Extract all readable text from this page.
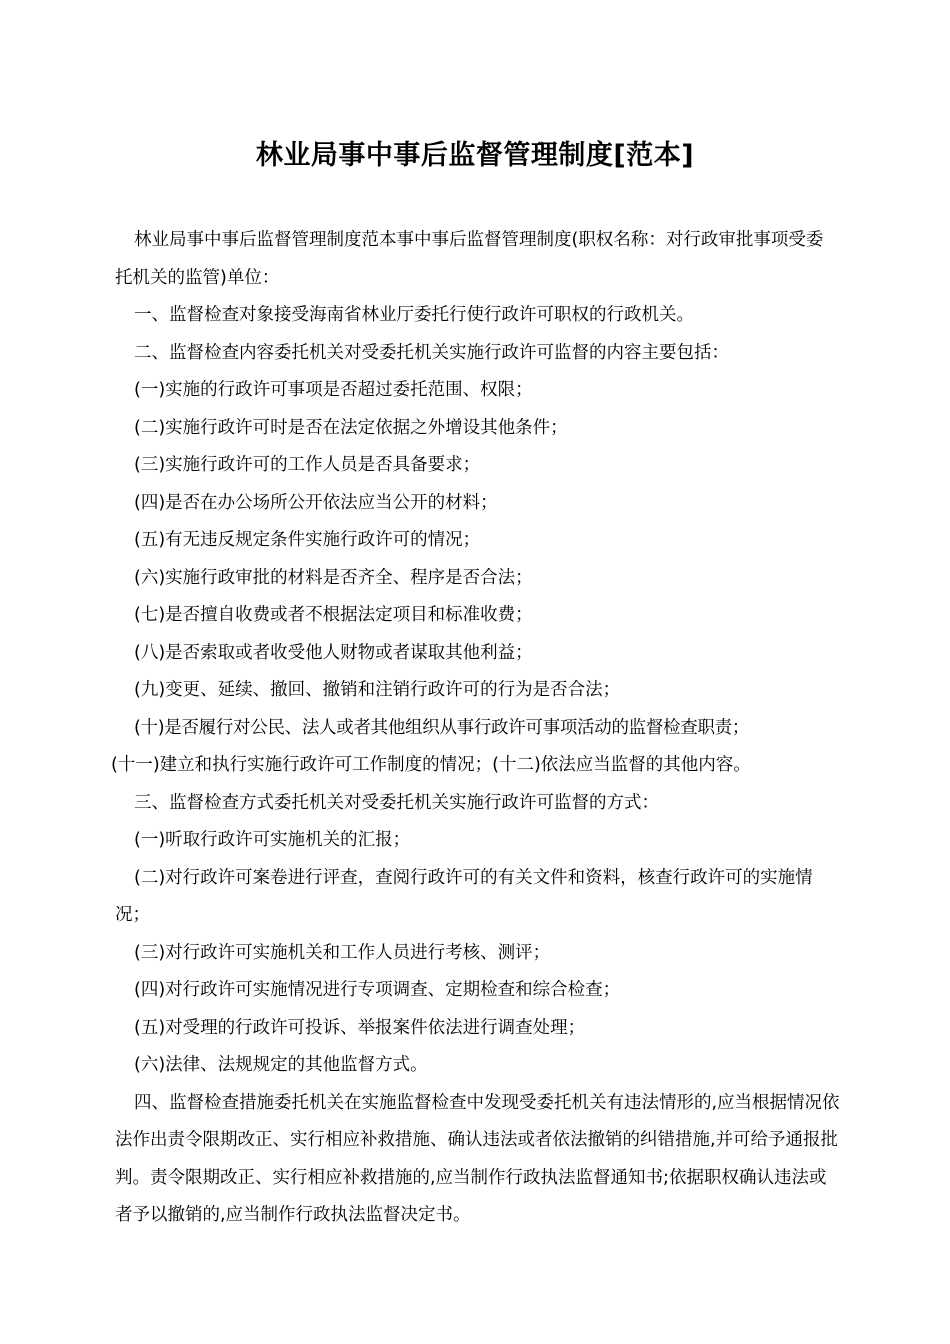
林业局事中事后监督管理制度[范本]

林业局事中事后监督管理制度范本事中事后监督管理制度(职权名称：对行政审批事项受委托机关的监管)单位：

一、监督检查对象接受海南省林业厅委托行使行政许可职权的行政机关。

二、监督检查内容委托机关对受委托机关实施行政许可监督的内容主要包括：

(一)实施的行政许可事项是否超过委托范围、权限；

(二)实施行政许可时是否在法定依据之外增设其他条件；

(三)实施行政许可的工作人员是否具备要求；

(四)是否在办公场所公开依法应当公开的材料；

(五)有无违反规定条件实施行政许可的情况；

(六)实施行政审批的材料是否齐全、程序是否合法；

(七)是否擅自收费或者不根据法定项目和标准收费；

(八)是否索取或者收受他人财物或者谋取其他利益；

(九)变更、延续、撤回、撤销和注销行政许可的行为是否合法；

(十)是否履行对公民、法人或者其他组织从事行政许可事项活动的监督检查职责；

(十一)建立和执行实施行政许可工作制度的情况；(十二)依法应当监督的其他内容。

三、监督检查方式委托机关对受委托机关实施行政许可监督的方式：

(一)听取行政许可实施机关的汇报；

(二)对行政许可案卷进行评查，查阅行政许可的有关文件和资料，核查行政许可的实施情况；

(三)对行政许可实施机关和工作人员进行考核、测评；

(四)对行政许可实施情况进行专项调查、定期检查和综合检查；

(五)对受理的行政许可投诉、举报案件依法进行调查处理；

(六)法律、法规规定的其他监督方式。

四、监督检查措施委托机关在实施监督检查中发现受委托机关有违法情形的,应当根据情况依法作出责令限期改正、实行相应补救措施、确认违法或者依法撤销的纠错措施,并可给予通报批判。责令限期改正、实行相应补救措施的,应当制作行政执法监督通知书;依据职权确认违法或者予以撤销的,应当制作行政执法监督决定书。
